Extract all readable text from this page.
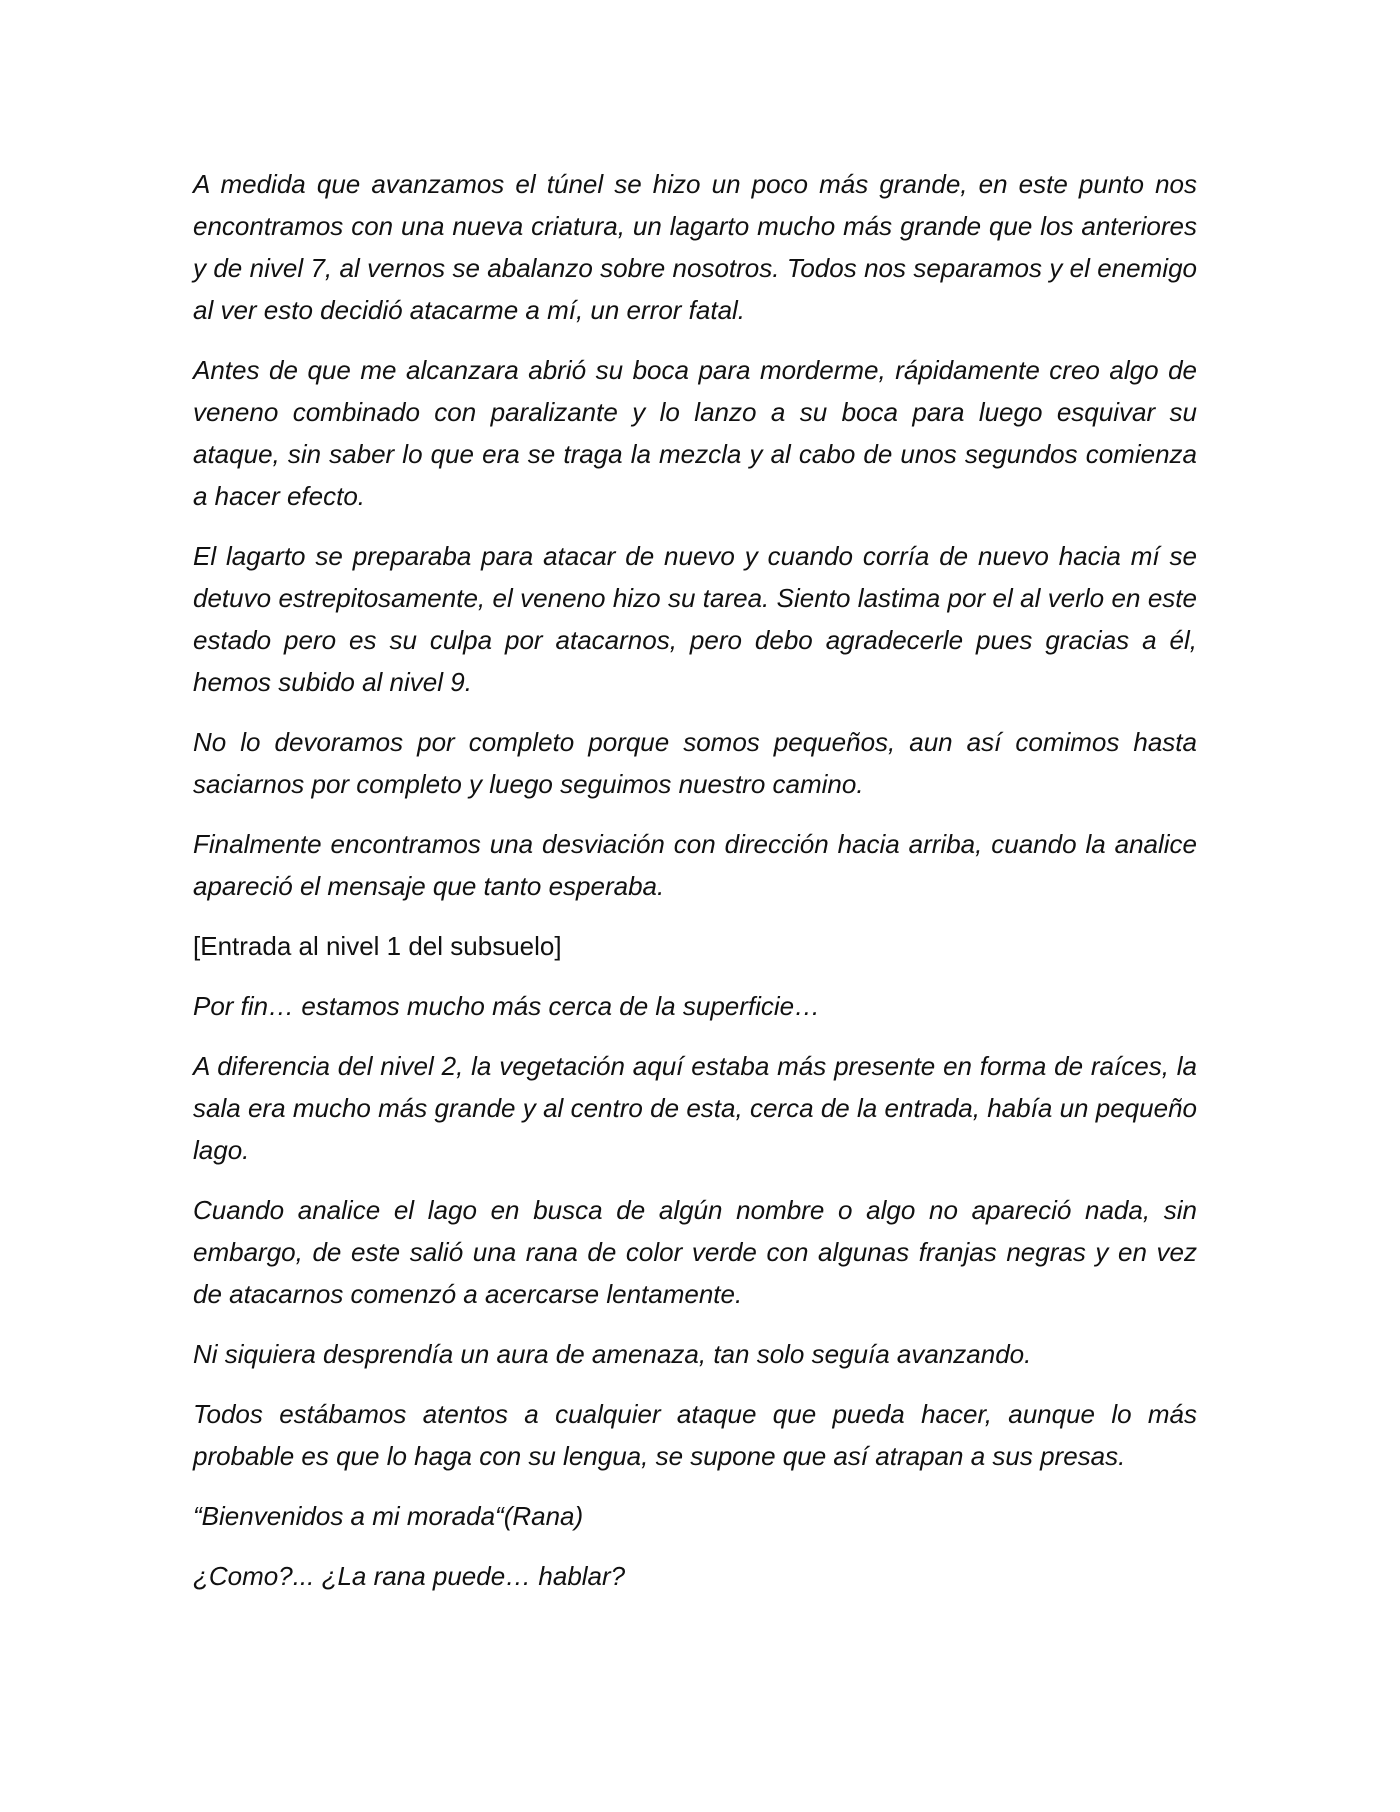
A medida que avanzamos el túnel se hizo un poco más grande, en este punto nos encontramos con una nueva criatura, un lagarto mucho más grande que los anteriores y de nivel 7, al vernos se abalanzo sobre nosotros. Todos nos separamos y el enemigo al ver esto decidió atacarme a mí, un error fatal.

Antes de que me alcanzara abrió su boca para morderme, rápidamente creo algo de veneno combinado con paralizante y lo lanzo a su boca para luego esquivar su ataque, sin saber lo que era se traga la mezcla y al cabo de unos segundos comienza a hacer efecto.

El lagarto se preparaba para atacar de nuevo y cuando corría de nuevo hacia mí se detuvo estrepitosamente, el veneno hizo su tarea. Siento lastima por el al verlo en este estado pero es su culpa por atacarnos, pero debo agradecerle pues gracias a él, hemos subido al nivel 9.

No lo devoramos por completo porque somos pequeños, aun así comimos hasta saciarnos por completo y luego seguimos nuestro camino.

Finalmente encontramos una desviación con dirección hacia arriba, cuando la analice apareció el mensaje que tanto esperaba.

[Entrada al nivel 1 del subsuelo]

Por fin… estamos mucho más cerca de la superficie…

A diferencia del nivel 2, la vegetación aquí estaba más presente en forma de raíces, la sala era mucho más grande y al centro de esta, cerca de la entrada, había un pequeño lago.

Cuando analice el lago en busca de algún nombre o algo no apareció nada, sin embargo, de este salió una rana de color verde con algunas franjas negras y en vez de atacarnos comenzó a acercarse lentamente.

Ni siquiera desprendía un aura de amenaza, tan solo seguía avanzando.

Todos estábamos atentos a cualquier ataque que pueda hacer, aunque lo más probable es que lo haga con su lengua, se supone que así atrapan a sus presas.

“Bienvenidos a mi morada“(Rana)

¿Como?... ¿La rana puede… hablar?
